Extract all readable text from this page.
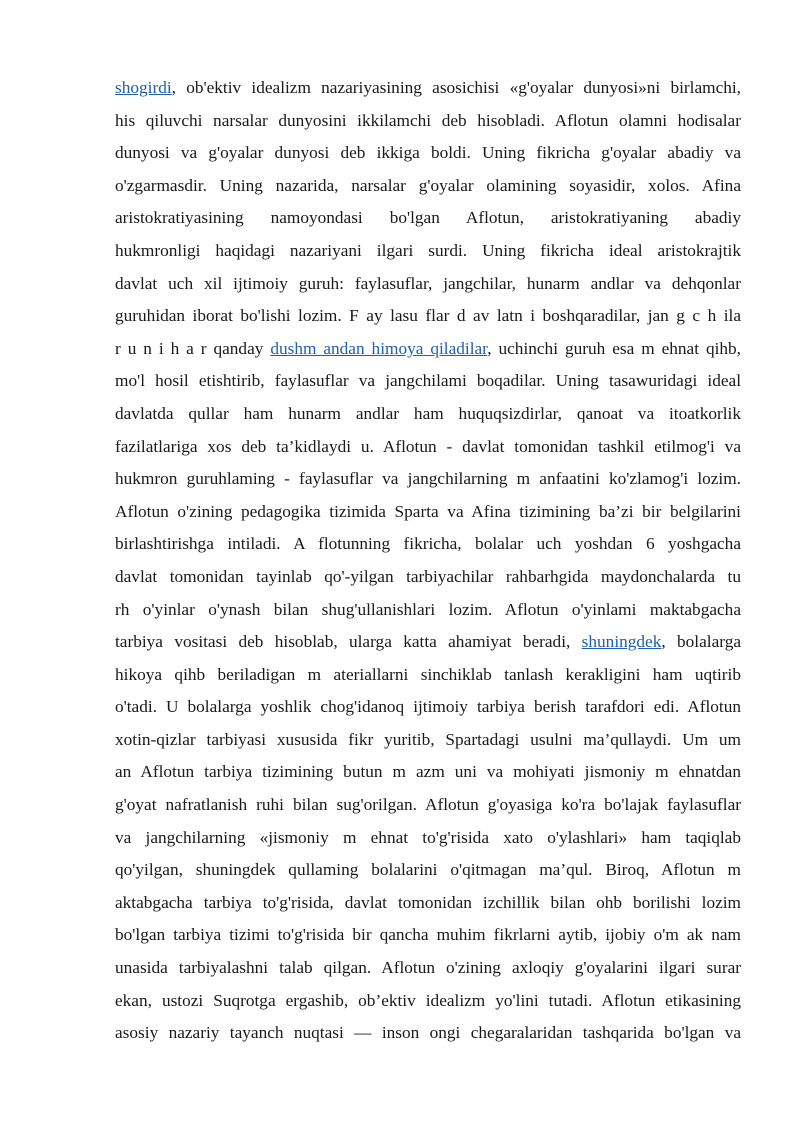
shogirdi, ob'ektiv idealizm nazariyasining asosichisi «g'oyalar dunyosi»ni birlamchi,
his qiluvchi narsalar dunyosini ikkilamchi deb hisobladi. Aflotun olamni hodisalar
dunyosi va g'oyalar dunyosi deb ikkiga boldi. Uning fikricha g'oyalar abadiy va
o'zgarmasdir. Uning nazarida, narsalar g'oyalar olamining soyasidir, xolos. Afina
aristokratiyasining namoyondasi bo'lgan Aflotun, aristokratiyaning abadiy
hukmronligi haqidagi nazariyani ilgari surdi. Uning fikricha ideal aristokrajtik
davlat uch xil ijtimoiy guruh: faylasuflar, jangchilar, hunarm andlar va dehqonlar
guruhidan iborat bo'lishi lozim. F ay lasu flar d av latn i boshqaradilar, jan g c h ila
r u n i h a r qanday dushm andan himoya qiladilar, uchinchi guruh esa m ehnat qihb,
mo'l hosil etishtirib, faylasuflar va jangchilami boqadilar. Uning tasawuridagi ideal
davlatda qullar ham hunarm andlar ham huquqsizdirlar, qanoat va itoatkorlik
fazilatlariga xos deb ta’kidlaydi u. Aflotun - davlat tomonidan tashkil etilmog'i va
hukmron guruhlaming - faylasuflar va jangchilarning m anfaatini ko'zlamog'i lozim.
Aflotun o'zining pedagogika tizimida Sparta va Afina tizimining ba’zi bir belgilarini
birlashtirishga intiladi. A flotunning fikricha, bolalar uch yoshdan 6 yoshgacha
davlat tomonidan tayinlab qo'-yilgan tarbiyachilar rahbarhgida maydonchalarda tu
rh o'yinlar o'ynash bilan shug'ullanishlari lozim. Aflotun o'yinlami maktabgacha
tarbiya vositasi deb hisoblab, ularga katta ahamiyat beradi, shuningdek, bolalarga
hikoya qihb beriladigan m ateriallarni sinchiklab tanlash kerakligini ham uqtirib
o'tadi. U bolalarga yoshlik chog'idanoq ijtimoiy tarbiya berish tarafdori edi. Aflotun
xotin-qizlar tarbiyasi xususida fikr yuritib, Spartadagi usulni ma’qullaydi. Um um
an Aflotun tarbiya tizimining butun m azm uni va mohiyati jismoniy m ehnatdan
g'oyat nafratlanish ruhi bilan sug'orilgan. Aflotun g'oyasiga ko'ra bo'lajak faylasuflar
va jangchilarning «jismoniy m ehnat to'g'risida xato o'ylashlari» ham taqiqlab
qo'yilgan, shuningdek qullaming bolalarini o'qitmagan ma’qul. Biroq, Aflotun m
aktabgacha tarbiya to'g'risida, davlat tomonidan izchillik bilan ohb borilishi lozim
bo'lgan tarbiya tizimi to'g'risida bir qancha muhim fikrlarni aytib, ijobiy o'm ak nam
unasida tarbiyalashni talab qilgan. Aflotun o'zining axloqiy g'oyalarini ilgari surar
ekan, ustozi Suqrotga ergashib, ob’ektiv idealizm yo'lini tutadi. Aflotun etikasining
asosiy nazariy tayanch nuqtasi — inson ongi chegaralaridan tashqarida bo'lgan va
